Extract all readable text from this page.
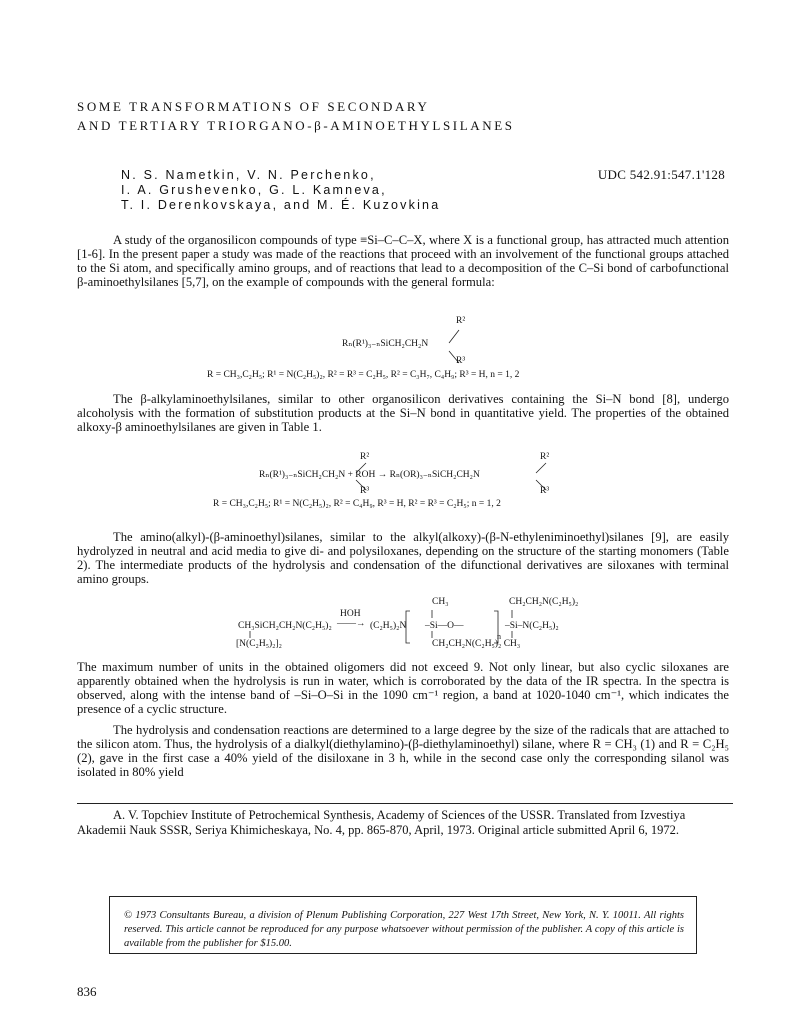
SOME TRANSFORMATIONS OF SECONDARY
AND TERTIARY TRIORGANO-β-AMINOETHYLSILANES
N. S. Nametkin, V. N. Perchenko,
I. A. Grushevenko, G. L. Kamneva,
T. I. Derenkovskaya, and M. É. Kuzovkina
UDC 542.91:547.1'128
A study of the organosilicon compounds of type ≡Si–C–C–X, where X is a functional group, has attracted much attention [1-6]. In the present paper a study was made of the reactions that proceed with an involvement of the functional groups attached to the Si atom, and specifically amino groups, and of reactions that lead to a decomposition of the C–Si bond of carbofunctional β-aminoethylsilanes [5,7], on the example of compounds with the general formula:
R²
Rₙ(R¹)₃₋ₙSiCH₂CH₂N
R³
R = CH₃,C₂H₅; R¹ = N(C₂H₅)₂, R² = R³ = C₂H₅, R² = C₃H₇, C₄H₉; R³ = H, n = 1, 2
The β-alkylaminoethylsilanes, similar to other organosilicon derivatives containing the Si–N bond [8], undergo alcoholysis with the formation of substitution products at the Si–N bond in quantitative yield. The properties of the obtained alkoxy-β aminoethylsilanes are given in Table 1.
R²	R²
Rₙ(R¹)₃₋ₙSiCH₂CH₂N + ROH → Rₙ(OR)₃₋ₙSiCH₂CH₂N
R³	R³
R = CH₃,C₂H₅; R¹ = N(C₂H₅)₂, R² = C₄H₉, R³ = H, R² = R³ = C₂H₅; n = 1, 2
The amino(alkyl)-(β-aminoethyl)silanes, similar to the alkyl(alkoxy)-(β-N-ethyleniminoethyl)silanes [9], are easily hydrolyzed in neutral and acid media to give di- and polysiloxanes, depending on the structure of the starting monomers (Table 2). The intermediate products of the hydrolysis and condensation of the difunctional derivatives are siloxanes with terminal amino groups.
CH₃	CH₂CH₂N(C₂H₅)₂
HOH
CH₃SiCH₂CH₂N(C₂H₅)₂ ——→ (C₂H₅)₂N –Si—O—	–Si–N(C₂H₅)₂
[N(C₂H₅)₂]₂	CH₂CH₂N(C₂H₅)₂ CH₃
n
The maximum number of units in the obtained oligomers did not exceed 9. Not only linear, but also cyclic siloxanes are apparently obtained when the hydrolysis is run in water, which is corroborated by the data of the IR spectra. In the spectra is observed, along with the intense band of –Si–O–Si in the 1090 cm⁻¹ region, a band at 1020-1040 cm⁻¹, which indicates the presence of a cyclic structure.
The hydrolysis and condensation reactions are determined to a large degree by the size of the radicals that are attached to the silicon atom. Thus, the hydrolysis of a dialkyl(diethylamino)-(β-diethylaminoethyl) silane, where R = CH₃ (1) and R = C₂H₅ (2), gave in the first case a 40% yield of the disiloxane in 3 h, while in the second case only the corresponding silanol was isolated in 80% yield
A. V. Topchiev Institute of Petrochemical Synthesis, Academy of Sciences of the USSR. Translated from Izvestiya Akademii Nauk SSSR, Seriya Khimicheskaya, No. 4, pp. 865-870, April, 1973. Original article submitted April 6, 1972.
© 1973 Consultants Bureau, a division of Plenum Publishing Corporation, 227 West 17th Street, New York, N. Y. 10011. All rights reserved. This article cannot be reproduced for any purpose whatsoever without permission of the publisher. A copy of this article is available from the publisher for $15.00.
836
